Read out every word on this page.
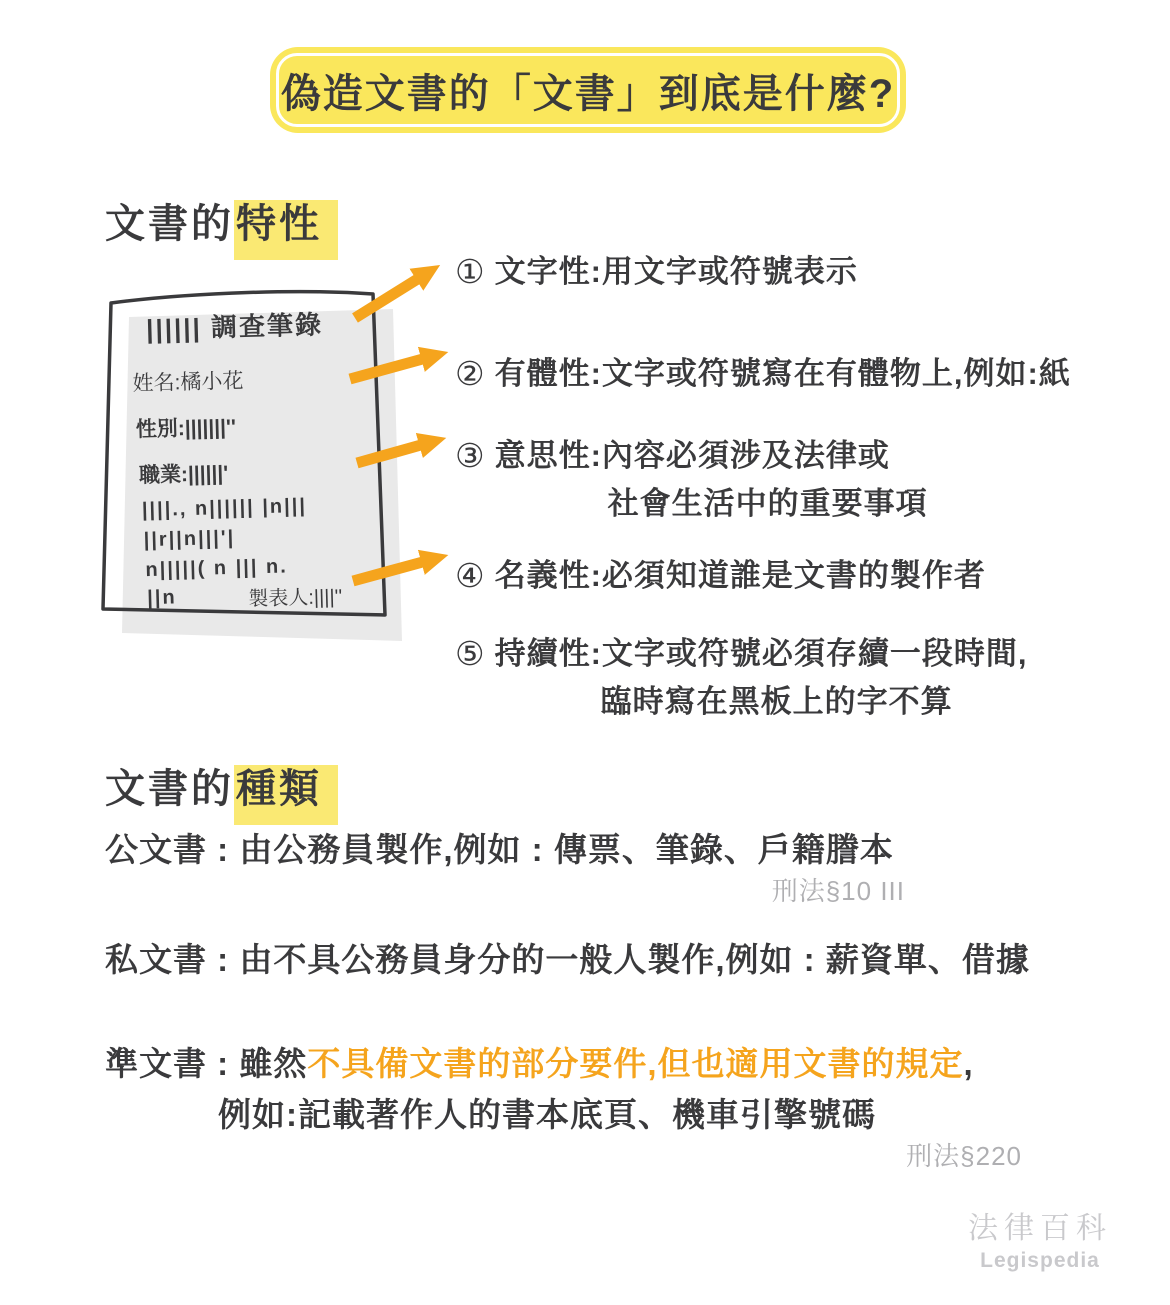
偽造文書的「文書」到底是什麼?
文書的特性
|||||| 調查筆錄
姓名:橘小花
性別:|||||||''
職業:||||||'
||||., n|||||| |n|||
||r||n|||'|
n|||||( n ||| n.
||n	製表人:||||''
① 文字性:用文字或符號表示
② 有體性:文字或符號寫在有體物上,例如:紙
③ 意思性:內容必須涉及法律或
社會生活中的重要事項
④ 名義性:必須知道誰是文書的製作者
⑤ 持續性:文字或符號必須存續一段時間,
臨時寫在黑板上的字不算
文書的種類
公文書 : 由公務員製作,例如 : 傳票、筆錄、戶籍謄本
刑法§10 III
私文書 : 由不具公務員身分的一般人製作,例如 : 薪資單、借據
準文書 : 雖然不具備文書的部分要件,但也適用文書的規定,
例如:記載著作人的書本底頁、機車引擎號碼
刑法§220
法律百科
Legispedia
